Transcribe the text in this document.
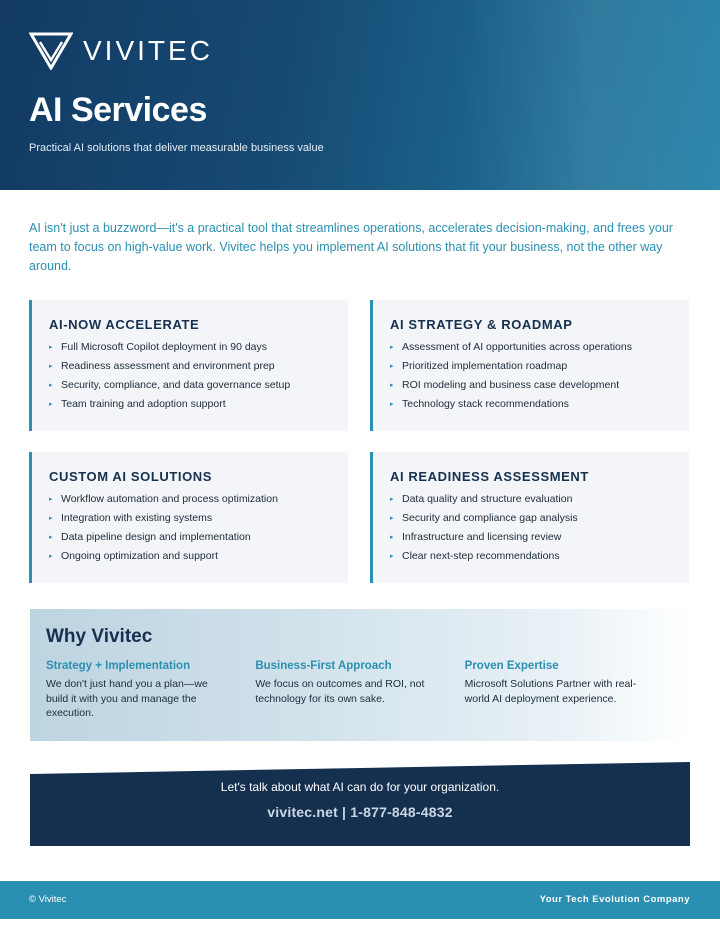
VIVITEC
AI Services
Practical AI solutions that deliver measurable business value

AI isn't just a buzzword—it's a practical tool that streamlines operations, accelerates decision-making, and frees your team to focus on high-value work. Vivitec helps you implement AI solutions that fit your business, not the other way around.

AI-NOW ACCELERATE
▸ Full Microsoft Copilot deployment in 90 days
▸ Readiness assessment and environment prep
▸ Security, compliance, and data governance setup
▸ Team training and adoption support
AI STRATEGY & ROADMAP
▸ Assessment of AI opportunities across operations
▸ Prioritized implementation roadmap
▸ ROI modeling and business case development
▸ Technology stack recommendations
CUSTOM AI SOLUTIONS
▸ Workflow automation and process optimization
▸ Integration with existing systems
▸ Data pipeline design and implementation
▸ Ongoing optimization and support
AI READINESS ASSESSMENT
▸ Data quality and structure evaluation
▸ Security and compliance gap analysis
▸ Infrastructure and licensing review
▸ Clear next-step recommendations
Why Vivitec
Strategy + Implementation

We don't just hand you a plan—we build it with you and manage the execution.

Business-First Approach

We focus on outcomes and ROI, not technology for its own sake.

Proven Expertise

Microsoft Solutions Partner with real-world AI deployment experience.

Let's talk about what AI can do for your organization.
vivitec.net | 1-877-848-4832
© Vivitec	Your Tech Evolution Company
